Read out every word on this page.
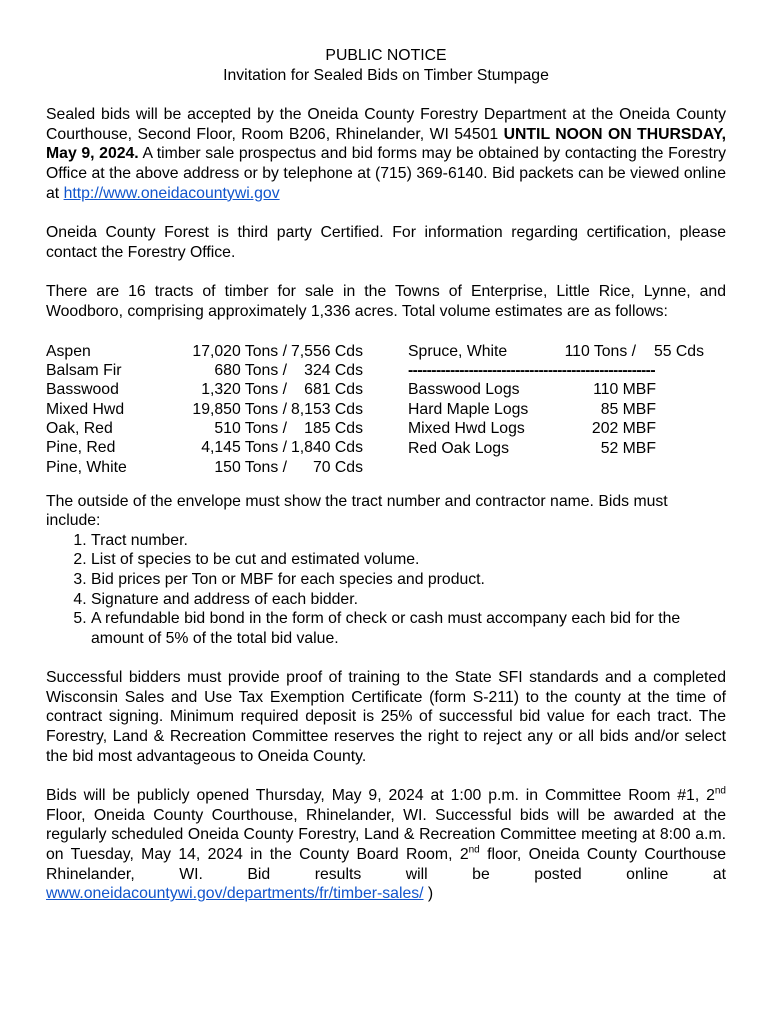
PUBLIC NOTICE

Invitation for Sealed Bids on Timber Stumpage

Sealed bids will be accepted by the Oneida County Forestry Department at the Oneida County Courthouse, Second Floor, Room B206, Rhinelander, WI 54501 UNTIL NOON ON THURSDAY, May 9, 2024. A timber sale prospectus and bid forms may be obtained by contacting the Forestry Office at the above address or by telephone at (715) 369-6140. Bid packets can be viewed online at http://www.oneidacountywi.gov

Oneida County Forest is third party Certified. For information regarding certification, please contact the Forestry Office.

There are 16 tracts of timber for sale in the Towns of Enterprise, Little Rice, Lynne, and Woodboro, comprising approximately 1,336 acres. Total volume estimates are as follows:

Aspen
Balsam Fir
Basswood
Mixed Hwd
Oak, Red
Pine, Red
Pine, White
17,020 Tons /
680 Tons /
1,320 Tons /
19,850 Tons /
510 Tons /
4,145 Tons /
150 Tons /
7,556 Cds
324 Cds
681 Cds
8,153 Cds
185 Cds
1,840 Cds
70 Cds
Spruce, White	110 Tons /	55 Cds
-----------------------------------------------------
Basswood Logs
Hard Maple Logs
Mixed Hwd Logs
Red Oak Logs
110 MBF
85 MBF
202 MBF
52 MBF

The outside of the envelope must show the tract number and contractor name. Bids must include:

1. Tract number.
2. List of species to be cut and estimated volume.
3. Bid prices per Ton or MBF for each species and product.
4. Signature and address of each bidder.
5. A refundable bid bond in the form of check or cash must accompany each bid for the amount of 5% of the total bid value.

Successful bidders must provide proof of training to the State SFI standards and a completed Wisconsin Sales and Use Tax Exemption Certificate (form S-211) to the county at the time of contract signing. Minimum required deposit is 25% of successful bid value for each tract. The Forestry, Land & Recreation Committee reserves the right to reject any or all bids and/or select the bid most advantageous to Oneida County.

Bids will be publicly opened Thursday, May 9, 2024 at 1:00 p.m. in Committee Room #1, 2nd Floor, Oneida County Courthouse, Rhinelander, WI. Successful bids will be awarded at the regularly scheduled Oneida County Forestry, Land & Recreation Committee meeting at 8:00 a.m. on Tuesday, May 14, 2024 in the County Board Room, 2nd floor, Oneida County Courthouse Rhinelander, WI. Bid results will be posted online at www.oneidacountywi.gov/departments/fr/timber-sales/ )
